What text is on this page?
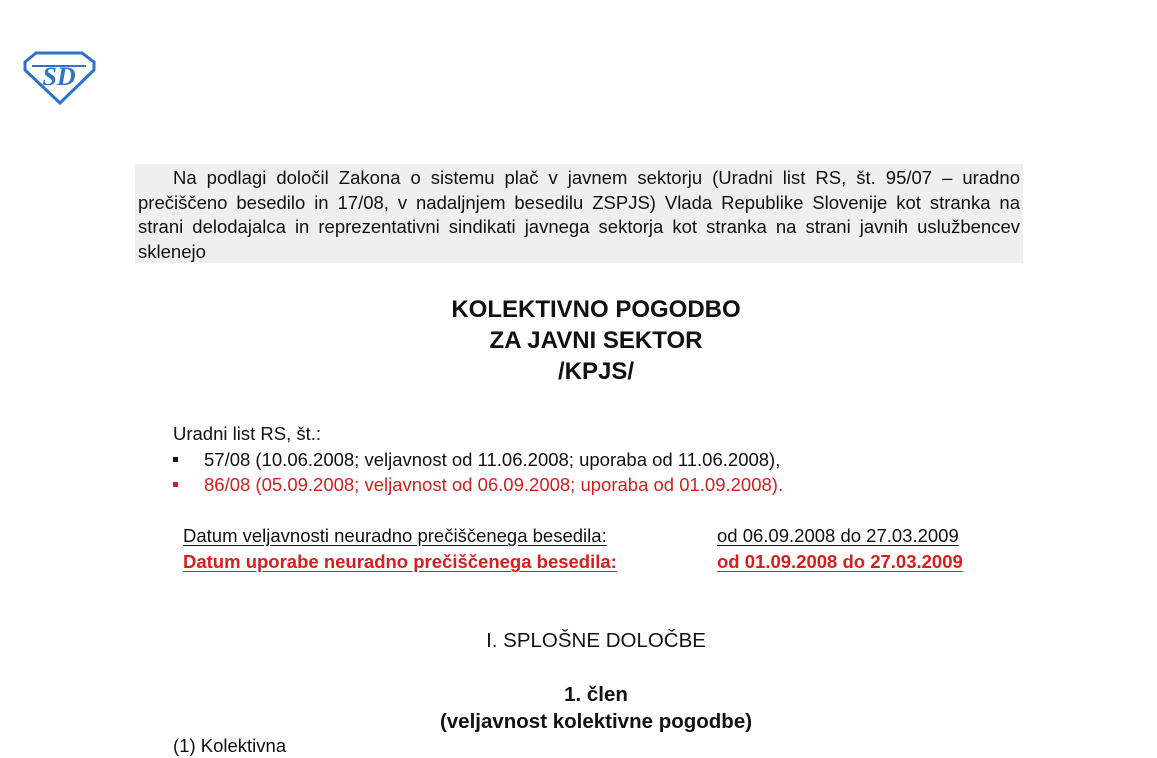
SD
Na podlagi določil Zakona o sistemu plač v javnem sektorju (Uradni list RS, št. 95/07 – uradno prečiščeno besedilo in 17/08, v nadaljnjem besedilu ZSPJS) Vlada Republike Slovenije kot stranka na strani delodajalca in reprezentativni sindikati javnega sektorja kot stranka na strani javnih uslužbencev sklenejo
KOLEKTIVNO POGODBO
ZA JAVNI SEKTOR
/KPJS/
Uradni list RS, št.:
57/08 (10.06.2008; veljavnost od 11.06.2008; uporaba od 11.06.2008),
86/08 (05.09.2008; veljavnost od 06.09.2008; uporaba od 01.09.2008).
Datum veljavnosti neuradno prečiščenega besedila:	od 06.09.2008 do 27.03.2009
Datum uporabe neuradno prečiščenega besedila:	od 01.09.2008 do 27.03.2009
I. SPLOŠNE DOLOČBE
1. člen
(veljavnost kolektivne pogodbe)
(1) Kolektivna
